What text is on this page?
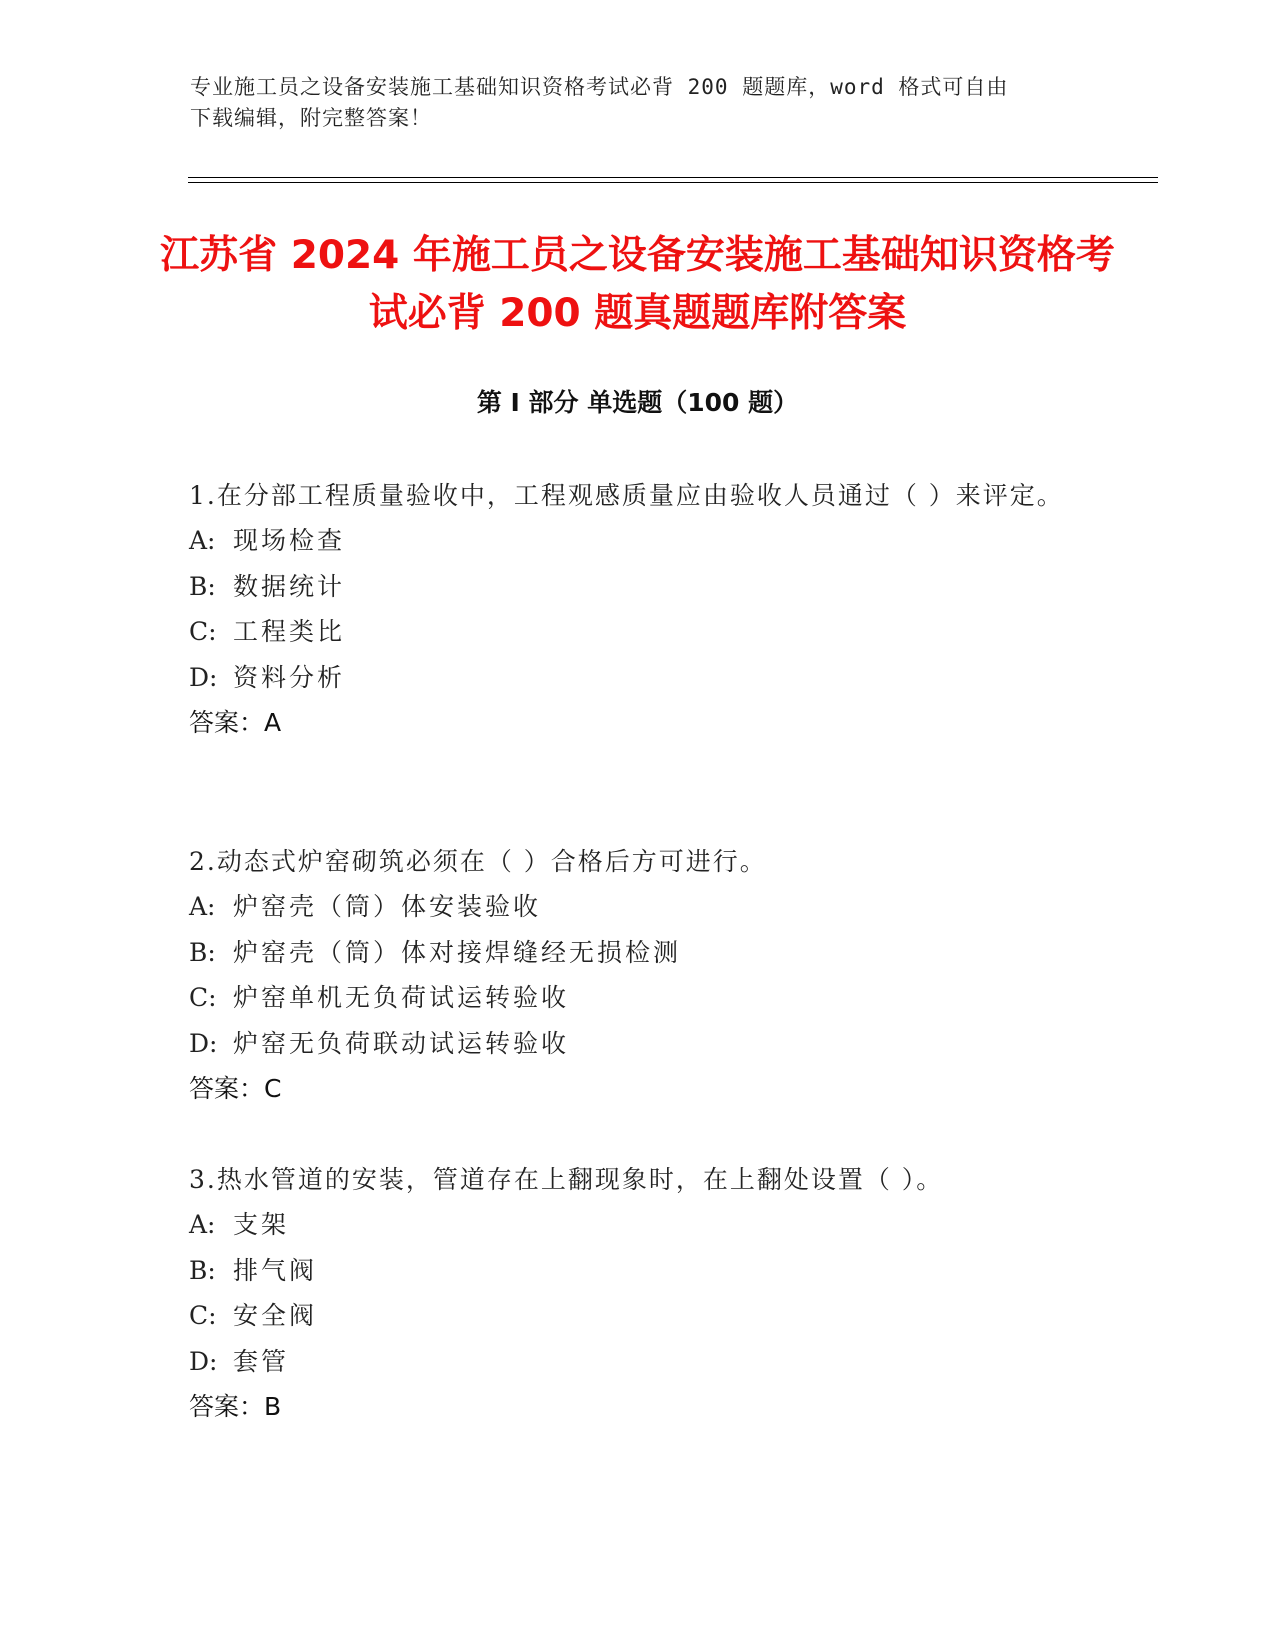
专业施工员之设备安装施工基础知识资格考试必背 200 题题库，word 格式可自由
下载编辑，附完整答案！

江苏省 2024 年施工员之设备安装施工基础知识资格考试必背 200 题真题题库附答案
第 I 部分 单选题（100 题）

1.在分部工程质量验收中，工程观感质量应由验收人员通过（ ）来评定。

A: 现场检查

B: 数据统计

C: 工程类比

D: 资料分析

答案：A

2.动态式炉窑砌筑必须在（ ）合格后方可进行。

A: 炉窑壳（筒）体安装验收

B: 炉窑壳（筒）体对接焊缝经无损检测

C: 炉窑单机无负荷试运转验收

D: 炉窑无负荷联动试运转验收

答案：C

3.热水管道的安装，管道存在上翻现象时，在上翻处设置（ ）。

A: 支架

B: 排气阀

C: 安全阀

D: 套管

答案：B
